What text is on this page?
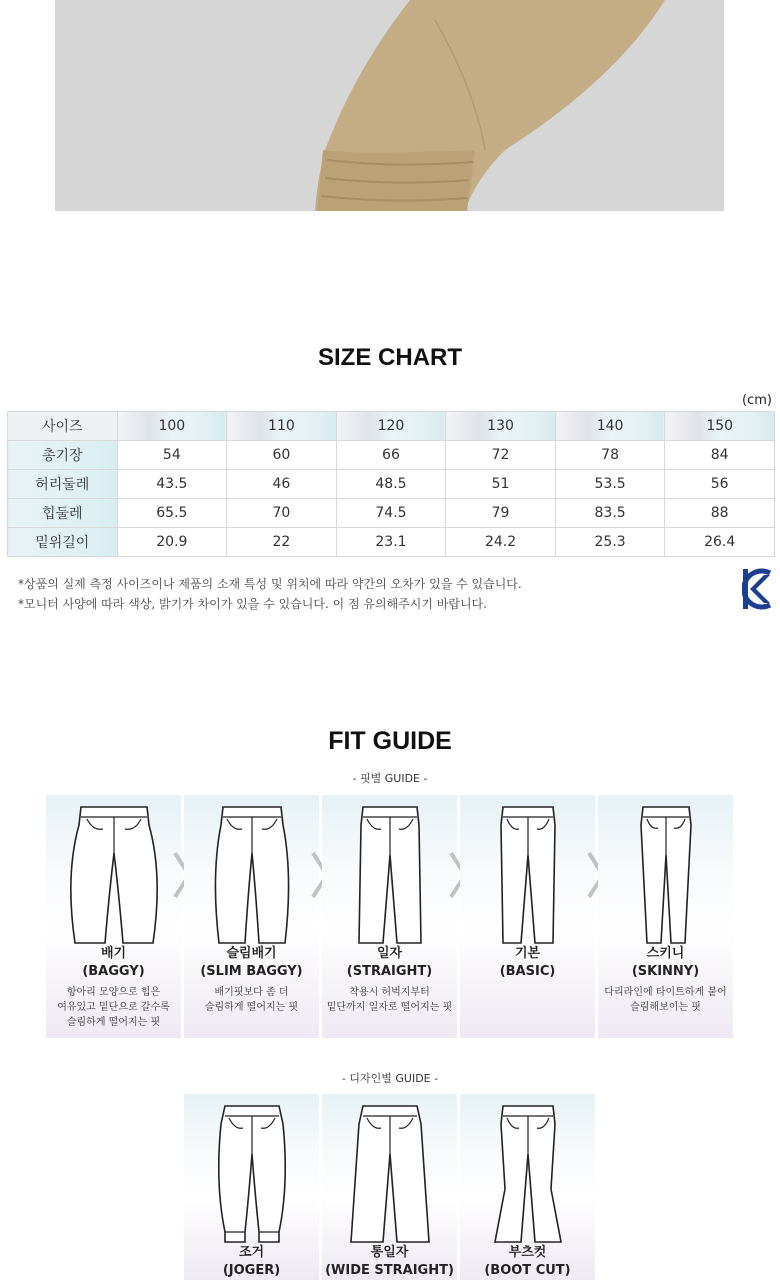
SIZE CHART
(cm)
사이즈	100	110	120	130	140	150
총기장	54	60	66	72	78	84
허리둘레	43.5	46	48.5	51	53.5	56
힙둘레	65.5	70	74.5	79	83.5	88
밑위길이	20.9	22	23.1	24.2	25.3	26.4
*상품의 실제 측정 사이즈이나 제품의 소재 특성 및 위치에 따라 약간의 오차가 있을 수 있습니다.
*모니터 사양에 따라 색상, 밝기가 차이가 있을 수 있습니다. 이 점 유의해주시기 바랍니다.
FIT GUIDE
- 핏별 GUIDE -
배기
(BAGGY)
항아리 모양으로 힙은
여유있고 밑단으로 갈수록
슬림하게 떨어지는 핏
슬림배기
(SLIM BAGGY)
배기핏보다 좀 더
슬림하게 떨어지는 핏
일자
(STRAIGHT)
착용시 허벅지부터
밑단까지 일자로 떨어지는 핏
기본
(BASIC)
스키니
(SKINNY)
다리라인에 타이트하게 붙어
슬림해보이는 핏
- 디자인별 GUIDE -
조거
(JOGER)
통일자
(WIDE STRAIGHT)
부츠컷
(BOOT CUT)
